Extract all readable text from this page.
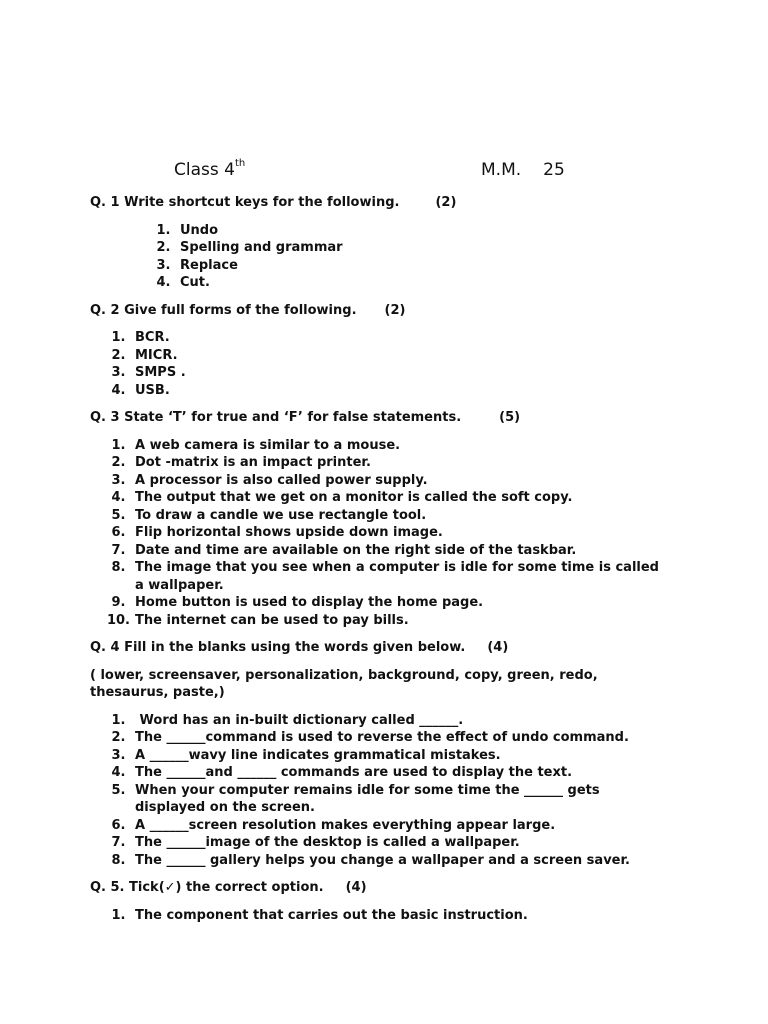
Class 4th	M.M. 25
Q. 1 Write shortcut keys for the following.	(2)
1. Undo
2. Spelling and grammar
3. Replace
4. Cut.
Q. 2 Give full forms of the following. (2)
1. BCR.
2. MICR.
3. SMPS .
4. USB.
Q. 3 State ‘T’ for true and ‘F’ for false statements.	(5)
1. A web camera is similar to a mouse.
2. Dot -matrix is an impact printer.
3. A processor is also called power supply.
4. The output that we get on a monitor is called the soft copy.
5. To draw a candle we use rectangle tool.
6. Flip horizontal shows upside down image.
7. Date and time are available on the right side of the taskbar.
8. The image that you see when a computer is idle for some time is called a wallpaper.
9. Home button is used to display the home page.
10. The internet can be used to pay bills.
Q. 4 Fill in the blanks using the words given below. (4)
( lower, screensaver, personalization, background, copy, green, redo, thesaurus, paste,)
1. Word has an in-built dictionary called ______.
2. The ______command is used to reverse the effect of undo command.
3. A ______wavy line indicates grammatical mistakes.
4. The ______and ______ commands are used to display the text.
5. When your computer remains idle for some time the ______ gets displayed on the screen.
6. A ______screen resolution makes everything appear large.
7. The ______image of the desktop is called a wallpaper.
8. The ______ gallery helps you change a wallpaper and a screen saver.
Q. 5. Tick(✓) the correct option. (4)
1. The component that carries out the basic instruction.
